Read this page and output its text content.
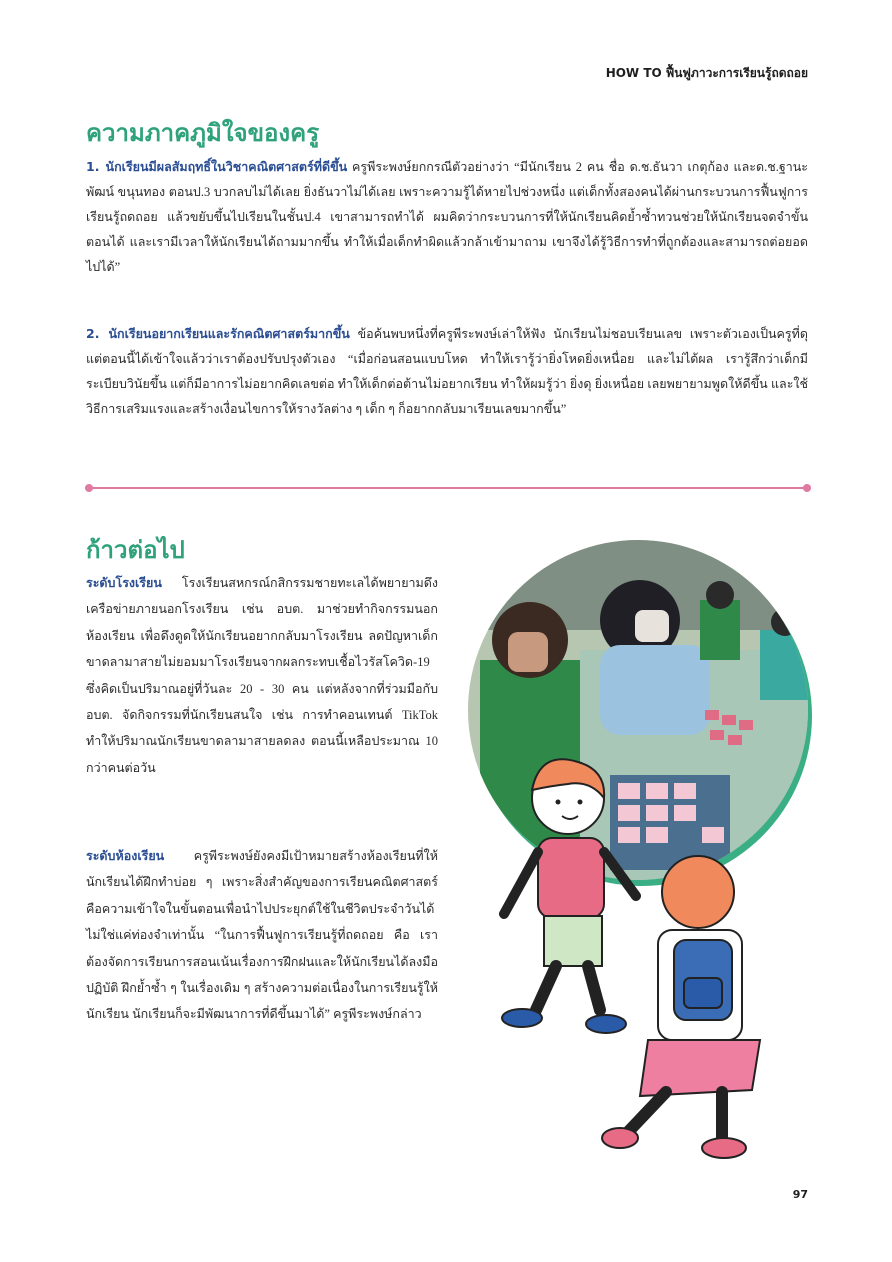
HOW TO ฟื้นฟูภาวะการเรียนรู้ถดถอย
ความภาคภูมิใจของครู

1. นักเรียนมีผลสัมฤทธิ์ในวิชาคณิตศาสตร์ที่ดีขึ้น ครูพีระพงษ์ยกกรณีตัวอย่างว่า “มีนักเรียน 2 คน ชื่อ ด.ช.ธันวา เกตุก้อง และด.ช.ฐานะพัฒน์ ขนุนทอง ตอนป.3 บวกลบไม่ได้เลย ยิ่งธันวาไม่ได้เลย เพราะความรู้ได้หายไปช่วงหนึ่ง แต่เด็กทั้งสองคนได้ผ่านกระบวนการฟื้นฟูการเรียนรู้ถดถอย แล้วขยับขึ้นไปเรียนในชั้นป.4 เขาสามารถทำได้ ผมคิดว่ากระบวนการที่ให้นักเรียนคิดย้ำซ้ำทวนช่วยให้นักเรียนจดจำขั้นตอนได้ และเรามีเวลาให้นักเรียนได้ถามมากขึ้น ทำให้เมื่อเด็กทำผิดแล้วกล้าเข้ามาถาม เขาจึงได้รู้วิธีการทำที่ถูกต้องและสามารถต่อยอดไปได้”

2. นักเรียนอยากเรียนและรักคณิตศาสตร์มากขึ้น ข้อค้นพบหนึ่งที่ครูพีระพงษ์เล่าให้ฟัง นักเรียนไม่ชอบเรียนเลข เพราะตัวเองเป็นครูที่ดุ แต่ตอนนี้ได้เข้าใจแล้วว่าเราต้องปรับปรุงตัวเอง “เมื่อก่อนสอนแบบโหด ทำให้เรารู้ว่ายิ่งโหดยิ่งเหนื่อย และไม่ได้ผล เรารู้สึกว่าเด็กมีระเบียบวินัยขึ้น แต่ก็มีอาการไม่อยากคิดเลขต่อ ทำให้เด็กต่อต้านไม่อยากเรียน ทำให้ผมรู้ว่า ยิ่งดุ ยิ่งเหนื่อย เลยพยายามพูดให้ดีขึ้น และใช้วิธีการเสริมแรงและสร้างเงื่อนไขการให้รางวัลต่าง ๆ เด็ก ๆ ก็อยากกลับมาเรียนเลขมากขึ้น”

ก้าวต่อไป

ระดับโรงเรียน โรงเรียนสหกรณ์กสิกรรมชายทะเลได้พยายามดึงเครือข่ายภายนอกโรงเรียน เช่น อบต. มาช่วยทำกิจกรรมนอกห้องเรียน เพื่อดึงดูดให้นักเรียนอยากกลับมาโรงเรียน ลดปัญหาเด็กขาดลามาสายไม่ยอมมาโรงเรียนจากผลกระทบเชื้อไวรัสโควิด-19 ซึ่งคิดเป็นปริมาณอยู่ที่วันละ 20 - 30 คน แต่หลังจากที่ร่วมมือกับอบต. จัดกิจกรรมที่นักเรียนสนใจ เช่น การทำคอนเทนต์ TikTok ทำให้ปริมาณนักเรียนขาดลามาสายลดลง ตอนนี้เหลือประมาณ 10 กว่าคนต่อวัน

ระดับห้องเรียน ครูพีระพงษ์ยังคงมีเป้าหมายสร้างห้องเรียนที่ให้นักเรียนได้ฝึกทำบ่อย ๆ เพราะสิ่งสำคัญของการเรียนคณิตศาสตร์ คือความเข้าใจในขั้นตอนเพื่อนำไปประยุกต์ใช้ในชีวิตประจำวันได้ ไม่ใช่แค่ท่องจำเท่านั้น “ในการฟื้นฟูการเรียนรู้ที่ถดถอย คือ เราต้องจัดการเรียนการสอนเน้นเรื่องการฝึกฝนและให้นักเรียนได้ลงมือปฏิบัติ ฝึกย้ำซ้ำ ๆ ในเรื่องเดิม ๆ สร้างความต่อเนื่องในการเรียนรู้ให้นักเรียน นักเรียนก็จะมีพัฒนาการที่ดีขึ้นมาได้” ครูพีระพงษ์กล่าว

97
